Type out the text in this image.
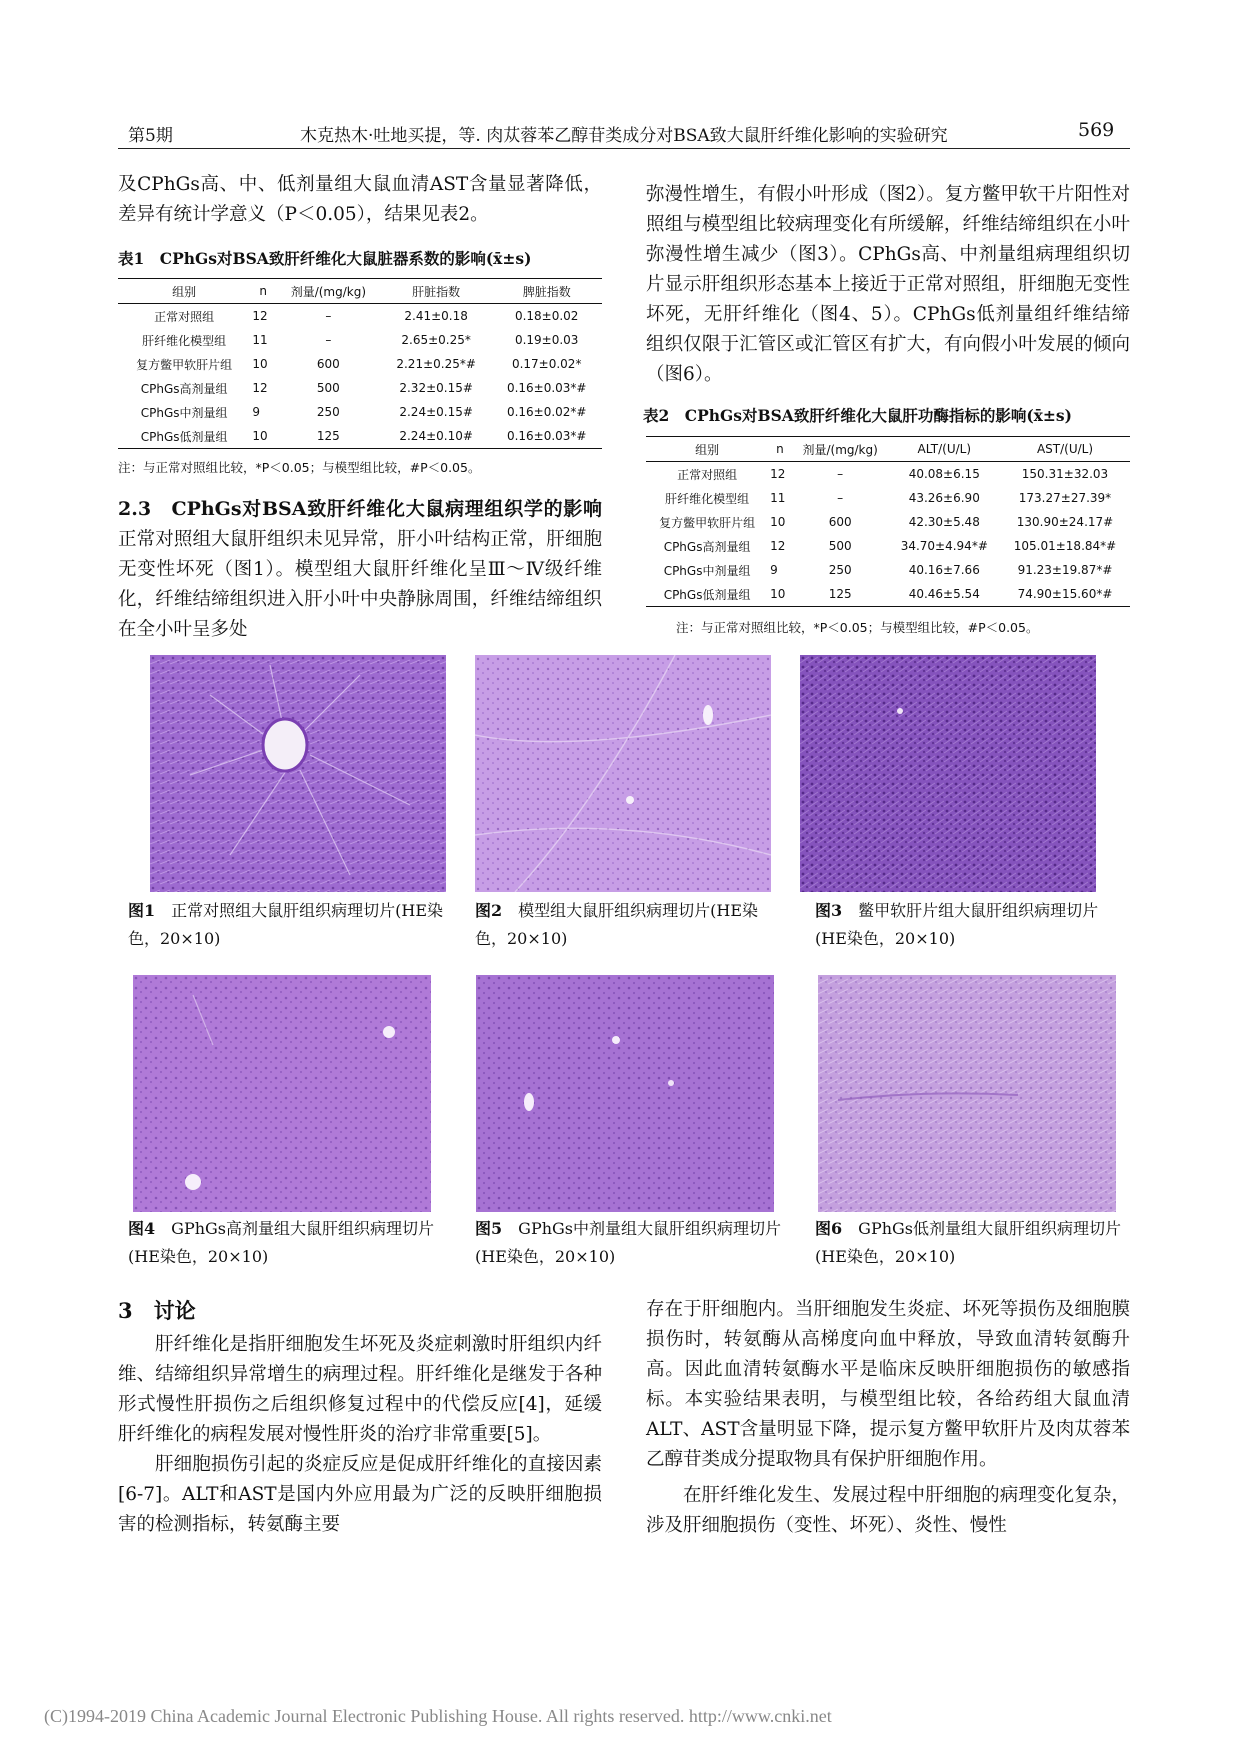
第5期	木克热木·吐地买提，等. 肉苁蓉苯乙醇苷类成分对BSA致大鼠肝纤维化影响的实验研究	569

及CPhGs高、中、低剂量组大鼠血清AST含量显著降低，差异有统计学意义（P＜0.05），结果见表2。

表1　CPhGs对BSA致肝纤维化大鼠脏器系数的影响(x̄±s)
组别	n	剂量/(mg/kg)	肝脏指数	脾脏指数
正常对照组	12	–	2.41±0.18	0.18±0.02
肝纤维化模型组	11	–	2.65±0.25*	0.19±0.03
复方鳖甲软肝片组	10	600	2.21±0.25*#	0.17±0.02*
CPhGs高剂量组	12	500	2.32±0.15#	0.16±0.03*#
CPhGs中剂量组	9	250	2.24±0.15#	0.16±0.02*#
CPhGs低剂量组	10	125	2.24±0.10#	0.16±0.03*#
注：与正常对照组比较，*P＜0.05；与模型组比较，#P＜0.05。

2.3　CPhGs对BSA致肝纤维化大鼠病理组织学的影响　正常对照组大鼠肝组织未见异常，肝小叶结构正常，肝细胞无变性坏死（图1）。模型组大鼠肝纤维化呈Ⅲ～Ⅳ级纤维化，纤维结缔组织进入肝小叶中央静脉周围，纤维结缔组织在全小叶呈多处

弥漫性增生，有假小叶形成（图2）。复方鳖甲软干片阳性对照组与模型组比较病理变化有所缓解，纤维结缔组织在小叶弥漫性增生减少（图3）。CPhGs高、中剂量组病理组织切片显示肝组织形态基本上接近于正常对照组，肝细胞无变性坏死，无肝纤维化（图4、5）。CPhGs低剂量组纤维结缔组织仅限于汇管区或汇管区有扩大，有向假小叶发展的倾向（图6）。

表2　CPhGs对BSA致肝纤维化大鼠肝功酶指标的影响(x̄±s)
组别	n	剂量/(mg/kg)	ALT/(U/L)	AST/(U/L)
正常对照组	12	–	40.08±6.15	150.31±32.03
肝纤维化模型组	11	–	43.26±6.90	173.27±27.39*
复方鳖甲软肝片组	10	600	42.30±5.48	130.90±24.17#
CPhGs高剂量组	12	500	34.70±4.94*#	105.01±18.84*#
CPhGs中剂量组	9	250	40.16±7.66	91.23±19.87*#
CPhGs低剂量组	10	125	40.46±5.54	74.90±15.60*#
注：与正常对照组比较，*P＜0.05；与模型组比较，#P＜0.05。
图1　 正常对照组大鼠肝组织病理切片(HE染色，20×10)
图2　 模型组大鼠肝组织病理切片(HE染色，20×10)
图3　 鳖甲软肝片组大鼠肝组织病理切片(HE染色，20×10)
图4　 GPhGs高剂量组大鼠肝组织病理切片(HE染色，20×10)
图5　 GPhGs中剂量组大鼠肝组织病理切片(HE染色，20×10)
图6　 GPhGs低剂量组大鼠肝组织病理切片(HE染色，20×10)
3　讨论

肝纤维化是指肝细胞发生坏死及炎症刺激时肝组织内纤维、结缔组织异常增生的病理过程。肝纤维化是继发于各种形式慢性肝损伤之后组织修复过程中的代偿反应[4]，延缓肝纤维化的病程发展对慢性肝炎的治疗非常重要[5]。

肝细胞损伤引起的炎症反应是促成肝纤维化的直接因素[6-7]。ALT和AST是国内外应用最为广泛的反映肝细胞损害的检测指标，转氨酶主要

存在于肝细胞内。当肝细胞发生炎症、坏死等损伤及细胞膜损伤时，转氨酶从高梯度向血中释放，导致血清转氨酶升高。因此血清转氨酶水平是临床反映肝细胞损伤的敏感指标。本实验结果表明，与模型组比较，各给药组大鼠血清ALT、AST含量明显下降，提示复方鳖甲软肝片及肉苁蓉苯乙醇苷类成分提取物具有保护肝细胞作用。

在肝纤维化发生、发展过程中肝细胞的病理变化复杂，涉及肝细胞损伤（变性、坏死）、炎性、慢性

(C)1994-2019 China Academic Journal Electronic Publishing House. All rights reserved. http://www.cnki.net
